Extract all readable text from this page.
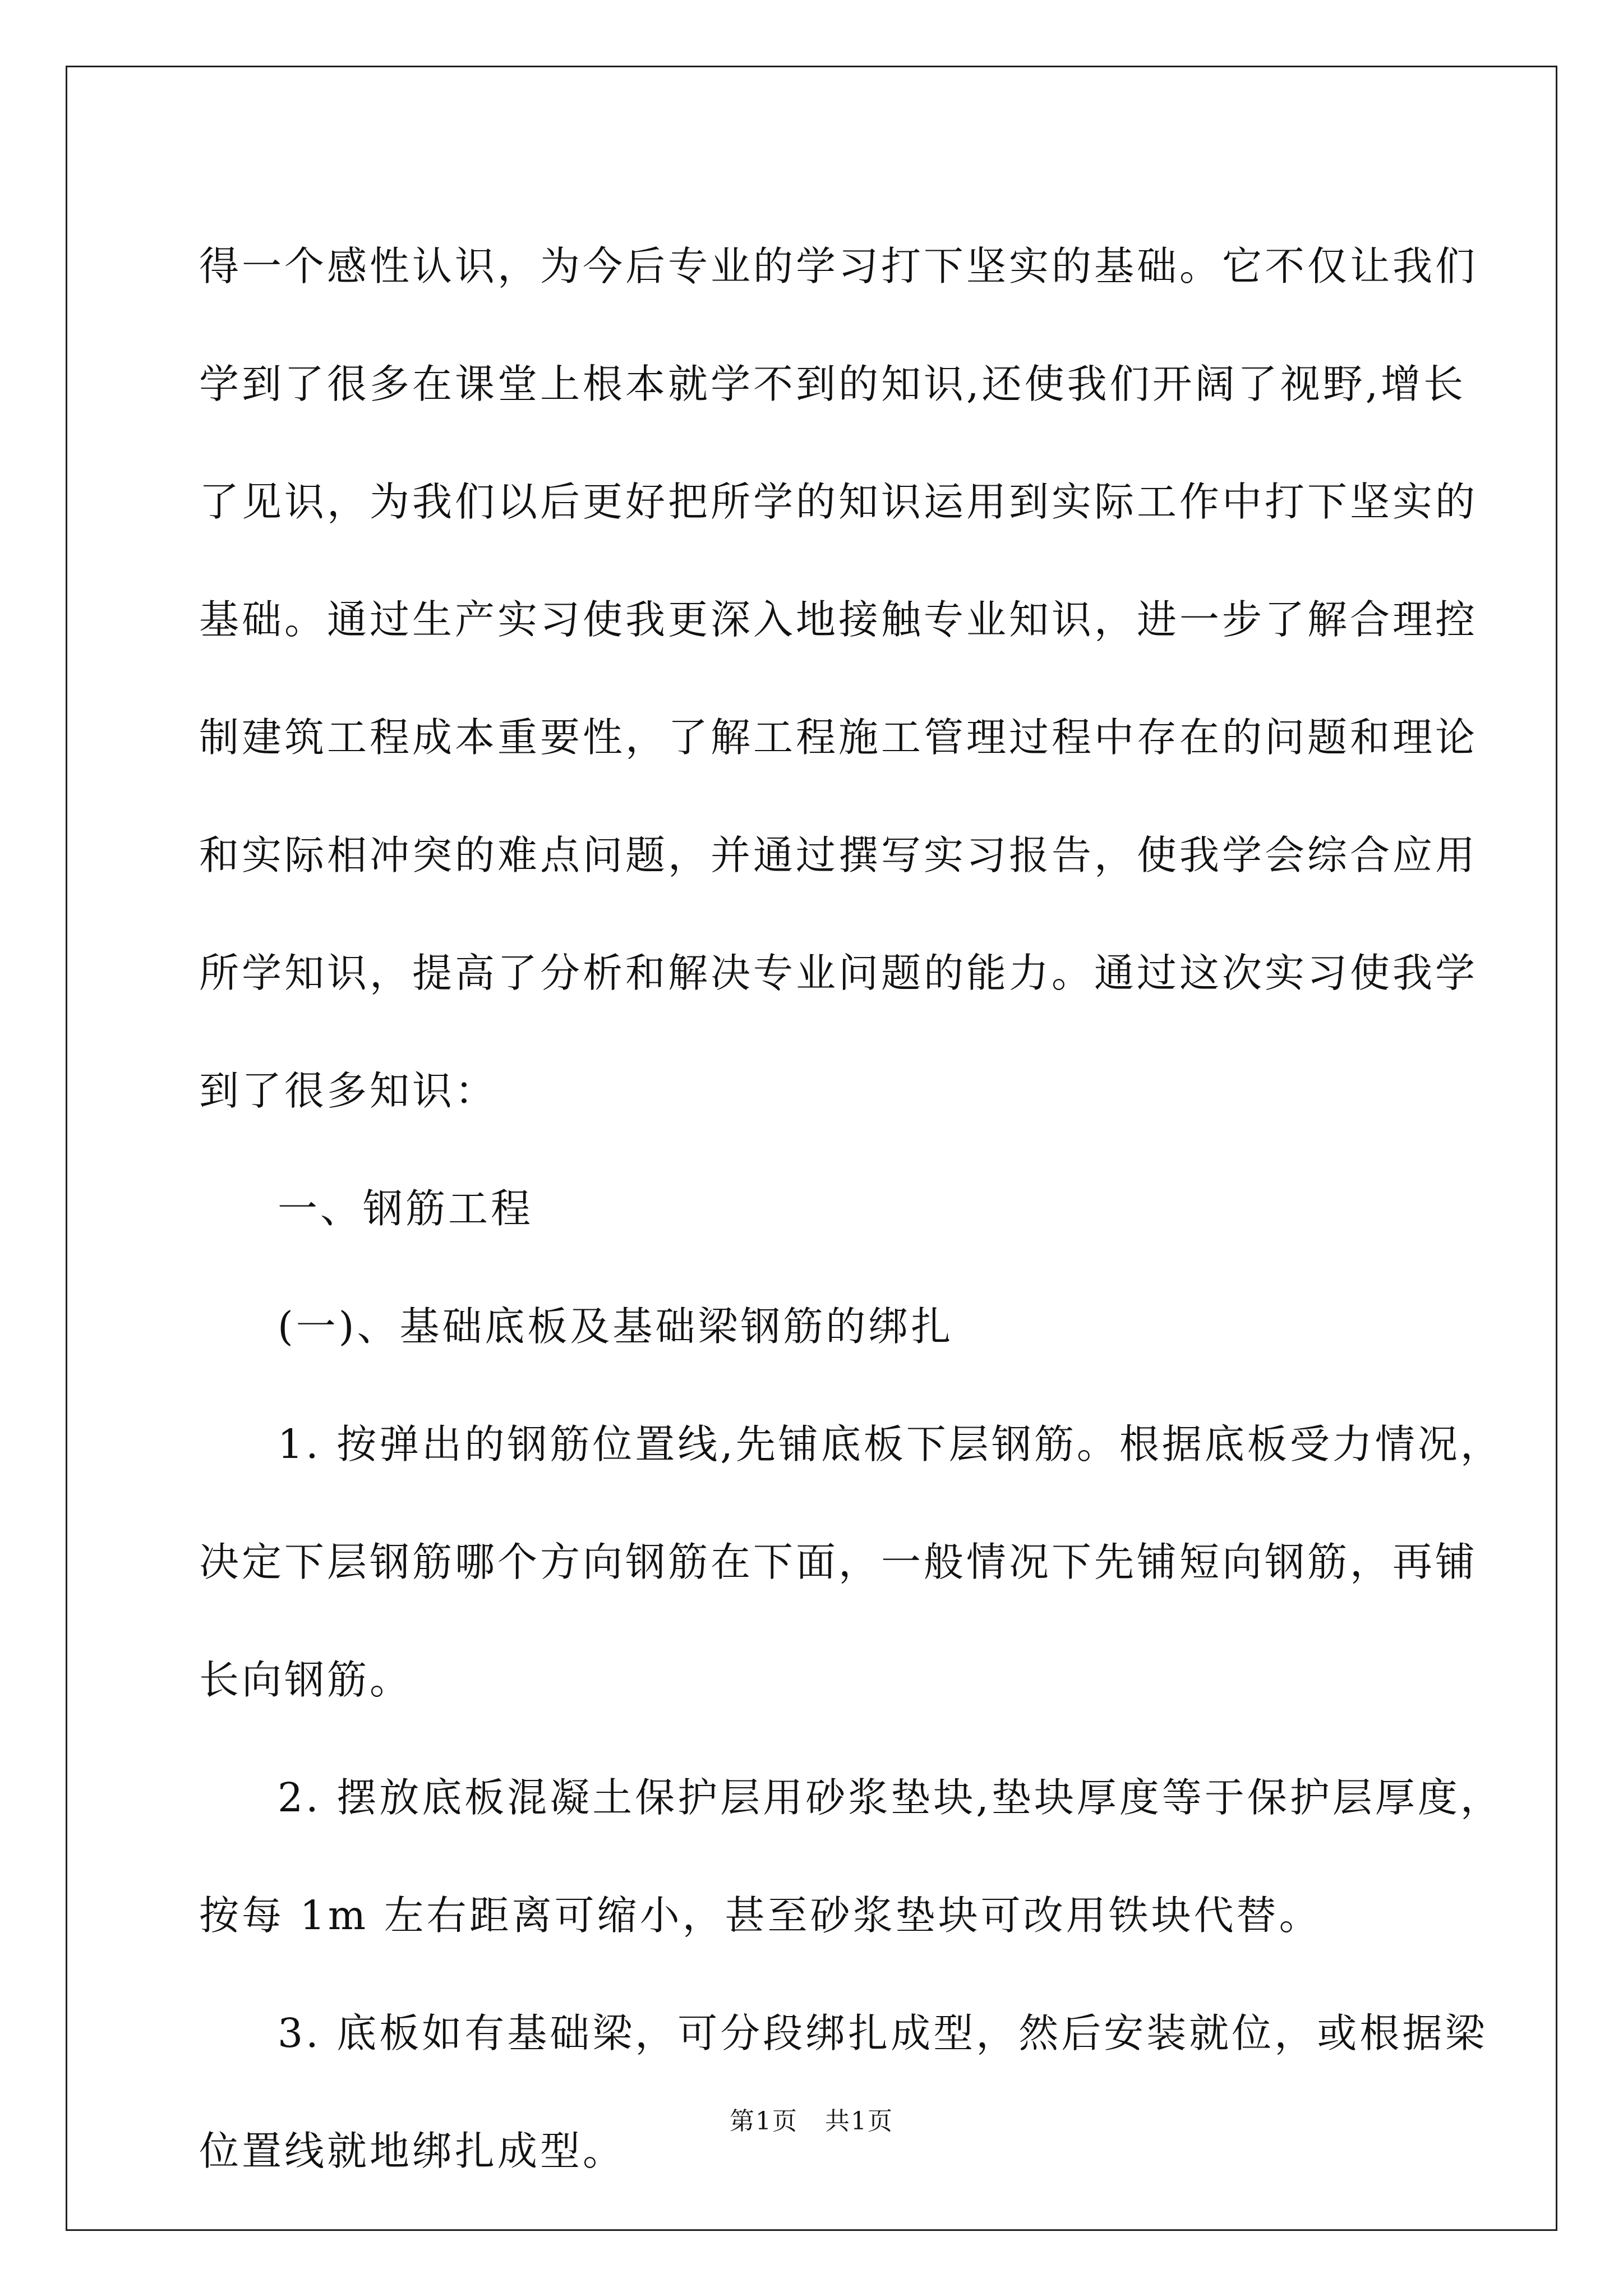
得一个感性认识，为今后专业的学习打下坚实的基础。它不仅让我们
学到了很多在课堂上根本就学不到的知识,还使我们开阔了视野,增长
了见识，为我们以后更好把所学的知识运用到实际工作中打下坚实的
基础。通过生产实习使我更深入地接触专业知识，进一步了解合理控
制建筑工程成本重要性，了解工程施工管理过程中存在的问题和理论
和实际相冲突的难点问题，并通过撰写实习报告，使我学会综合应用
所学知识，提高了分析和解决专业问题的能力。通过这次实习使我学
到了很多知识：
一、钢筋工程
(一)、基础底板及基础梁钢筋的绑扎
1. 按弹出的钢筋位置线,先铺底板下层钢筋。根据底板受力情况，
决定下层钢筋哪个方向钢筋在下面，一般情况下先铺短向钢筋，再铺
长向钢筋。
2. 摆放底板混凝土保护层用砂浆垫块,垫块厚度等于保护层厚度，
按每 1m 左右距离可缩小，甚至砂浆垫块可改用铁块代替。
3. 底板如有基础梁，可分段绑扎成型，然后安装就位，或根据梁
位置线就地绑扎成型。
第1页   共1页
